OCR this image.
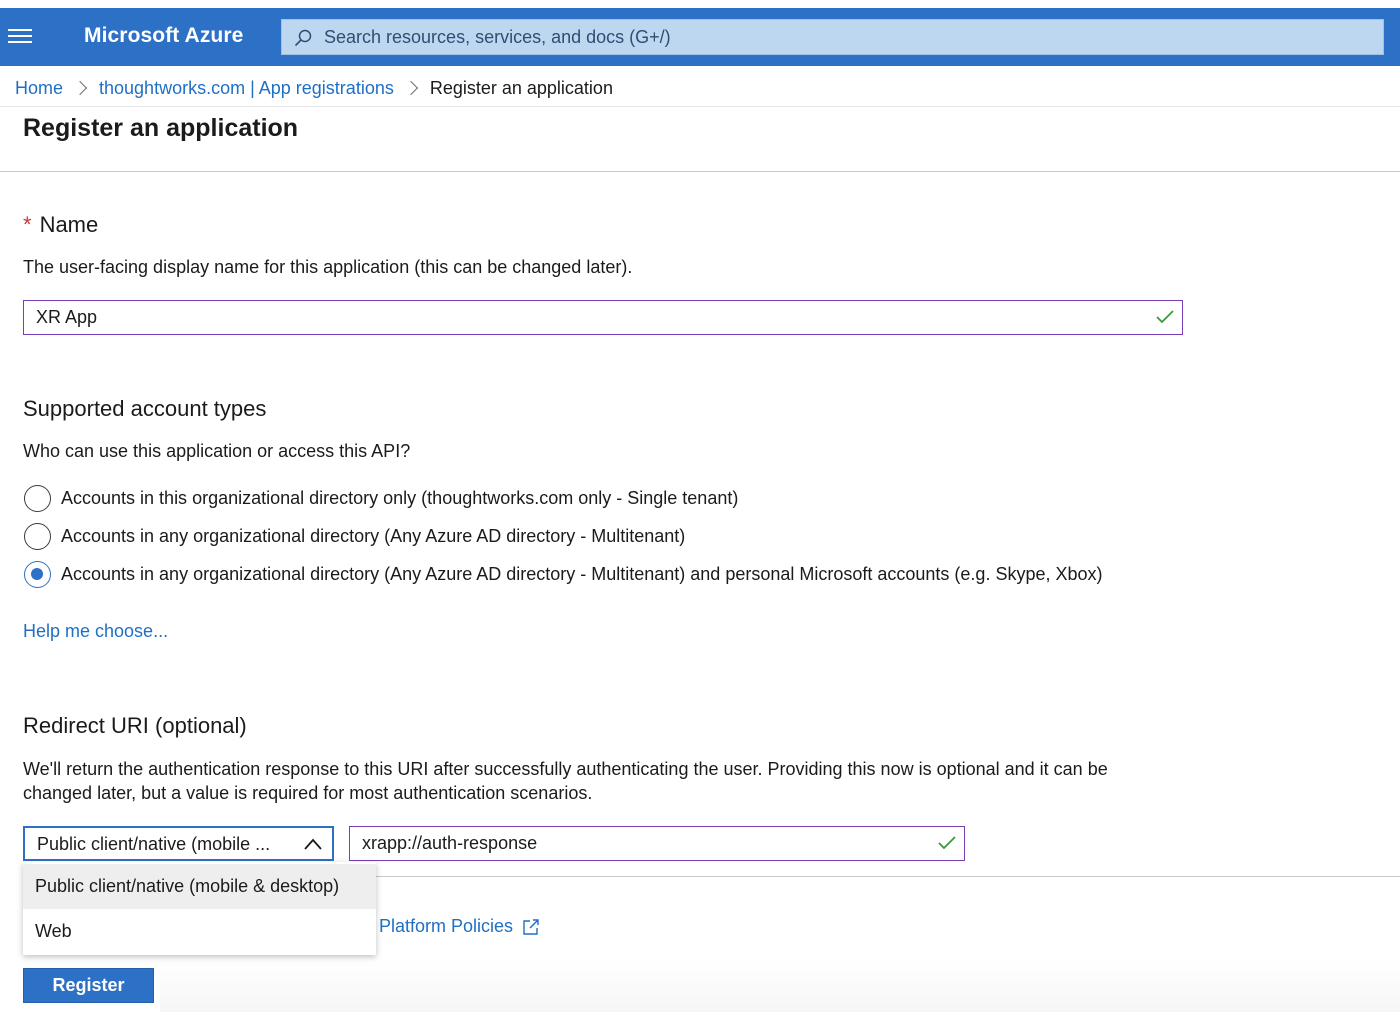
Microsoft Azure
Search resources, services, and docs (G+/)
Home thoughtworks.com | App registrations Register an application
Register an application
* Name
The user-facing display name for this application (this can be changed later).
XR App
Supported account types
Who can use this application or access this API?
Accounts in this organizational directory only (thoughtworks.com only - Single tenant)
Accounts in any organizational directory (Any Azure AD directory - Multitenant)
Accounts in any organizational directory (Any Azure AD directory - Multitenant) and personal Microsoft accounts (e.g. Skype, Xbox)
Help me choose...
Redirect URI (optional)
We'll return the authentication response to this URI after successfully authenticating the user. Providing this now is optional and it can be
changed later, but a value is required for most authentication scenarios.
Public client/native (mobile ...
xrapp://auth-response
Platform Policies
Public client/native (mobile & desktop)
Web
Register
